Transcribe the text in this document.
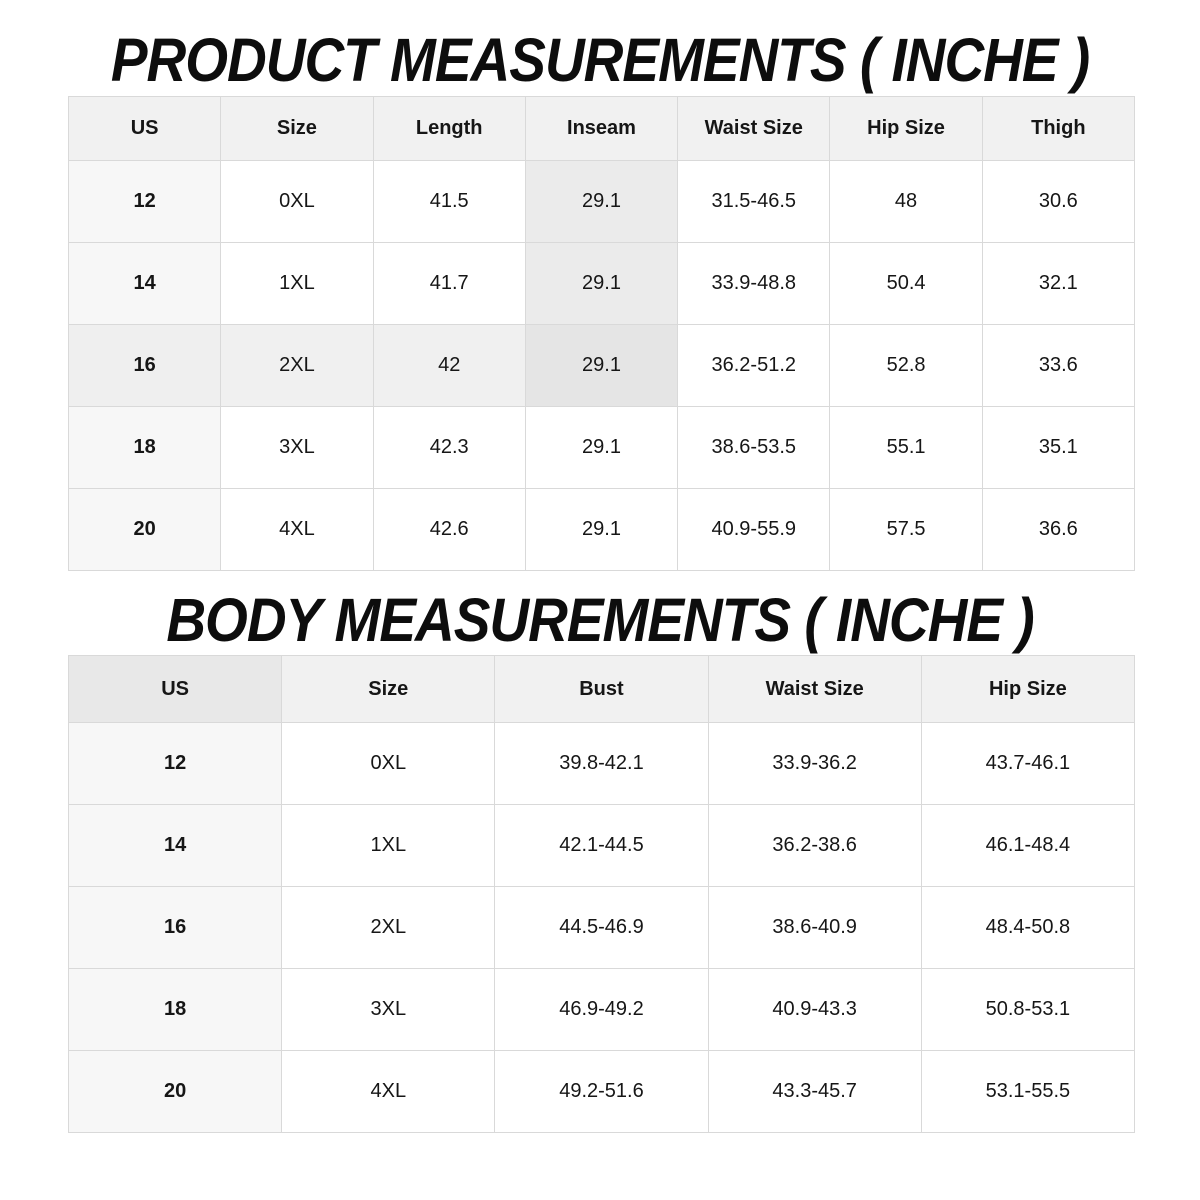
PRODUCT MEASUREMENTS ( INCHE )
US	Size	Length	Inseam	Waist Size	Hip Size	Thigh
12	0XL	41.5	29.1	31.5-46.5	48	30.6
14	1XL	41.7	29.1	33.9-48.8	50.4	32.1
16	2XL	42	29.1	36.2-51.2	52.8	33.6
18	3XL	42.3	29.1	38.6-53.5	55.1	35.1
20	4XL	42.6	29.1	40.9-55.9	57.5	36.6
BODY MEASUREMENTS ( INCHE )
US	Size	Bust	Waist Size	Hip Size
12	0XL	39.8-42.1	33.9-36.2	43.7-46.1
14	1XL	42.1-44.5	36.2-38.6	46.1-48.4
16	2XL	44.5-46.9	38.6-40.9	48.4-50.8
18	3XL	46.9-49.2	40.9-43.3	50.8-53.1
20	4XL	49.2-51.6	43.3-45.7	53.1-55.5
